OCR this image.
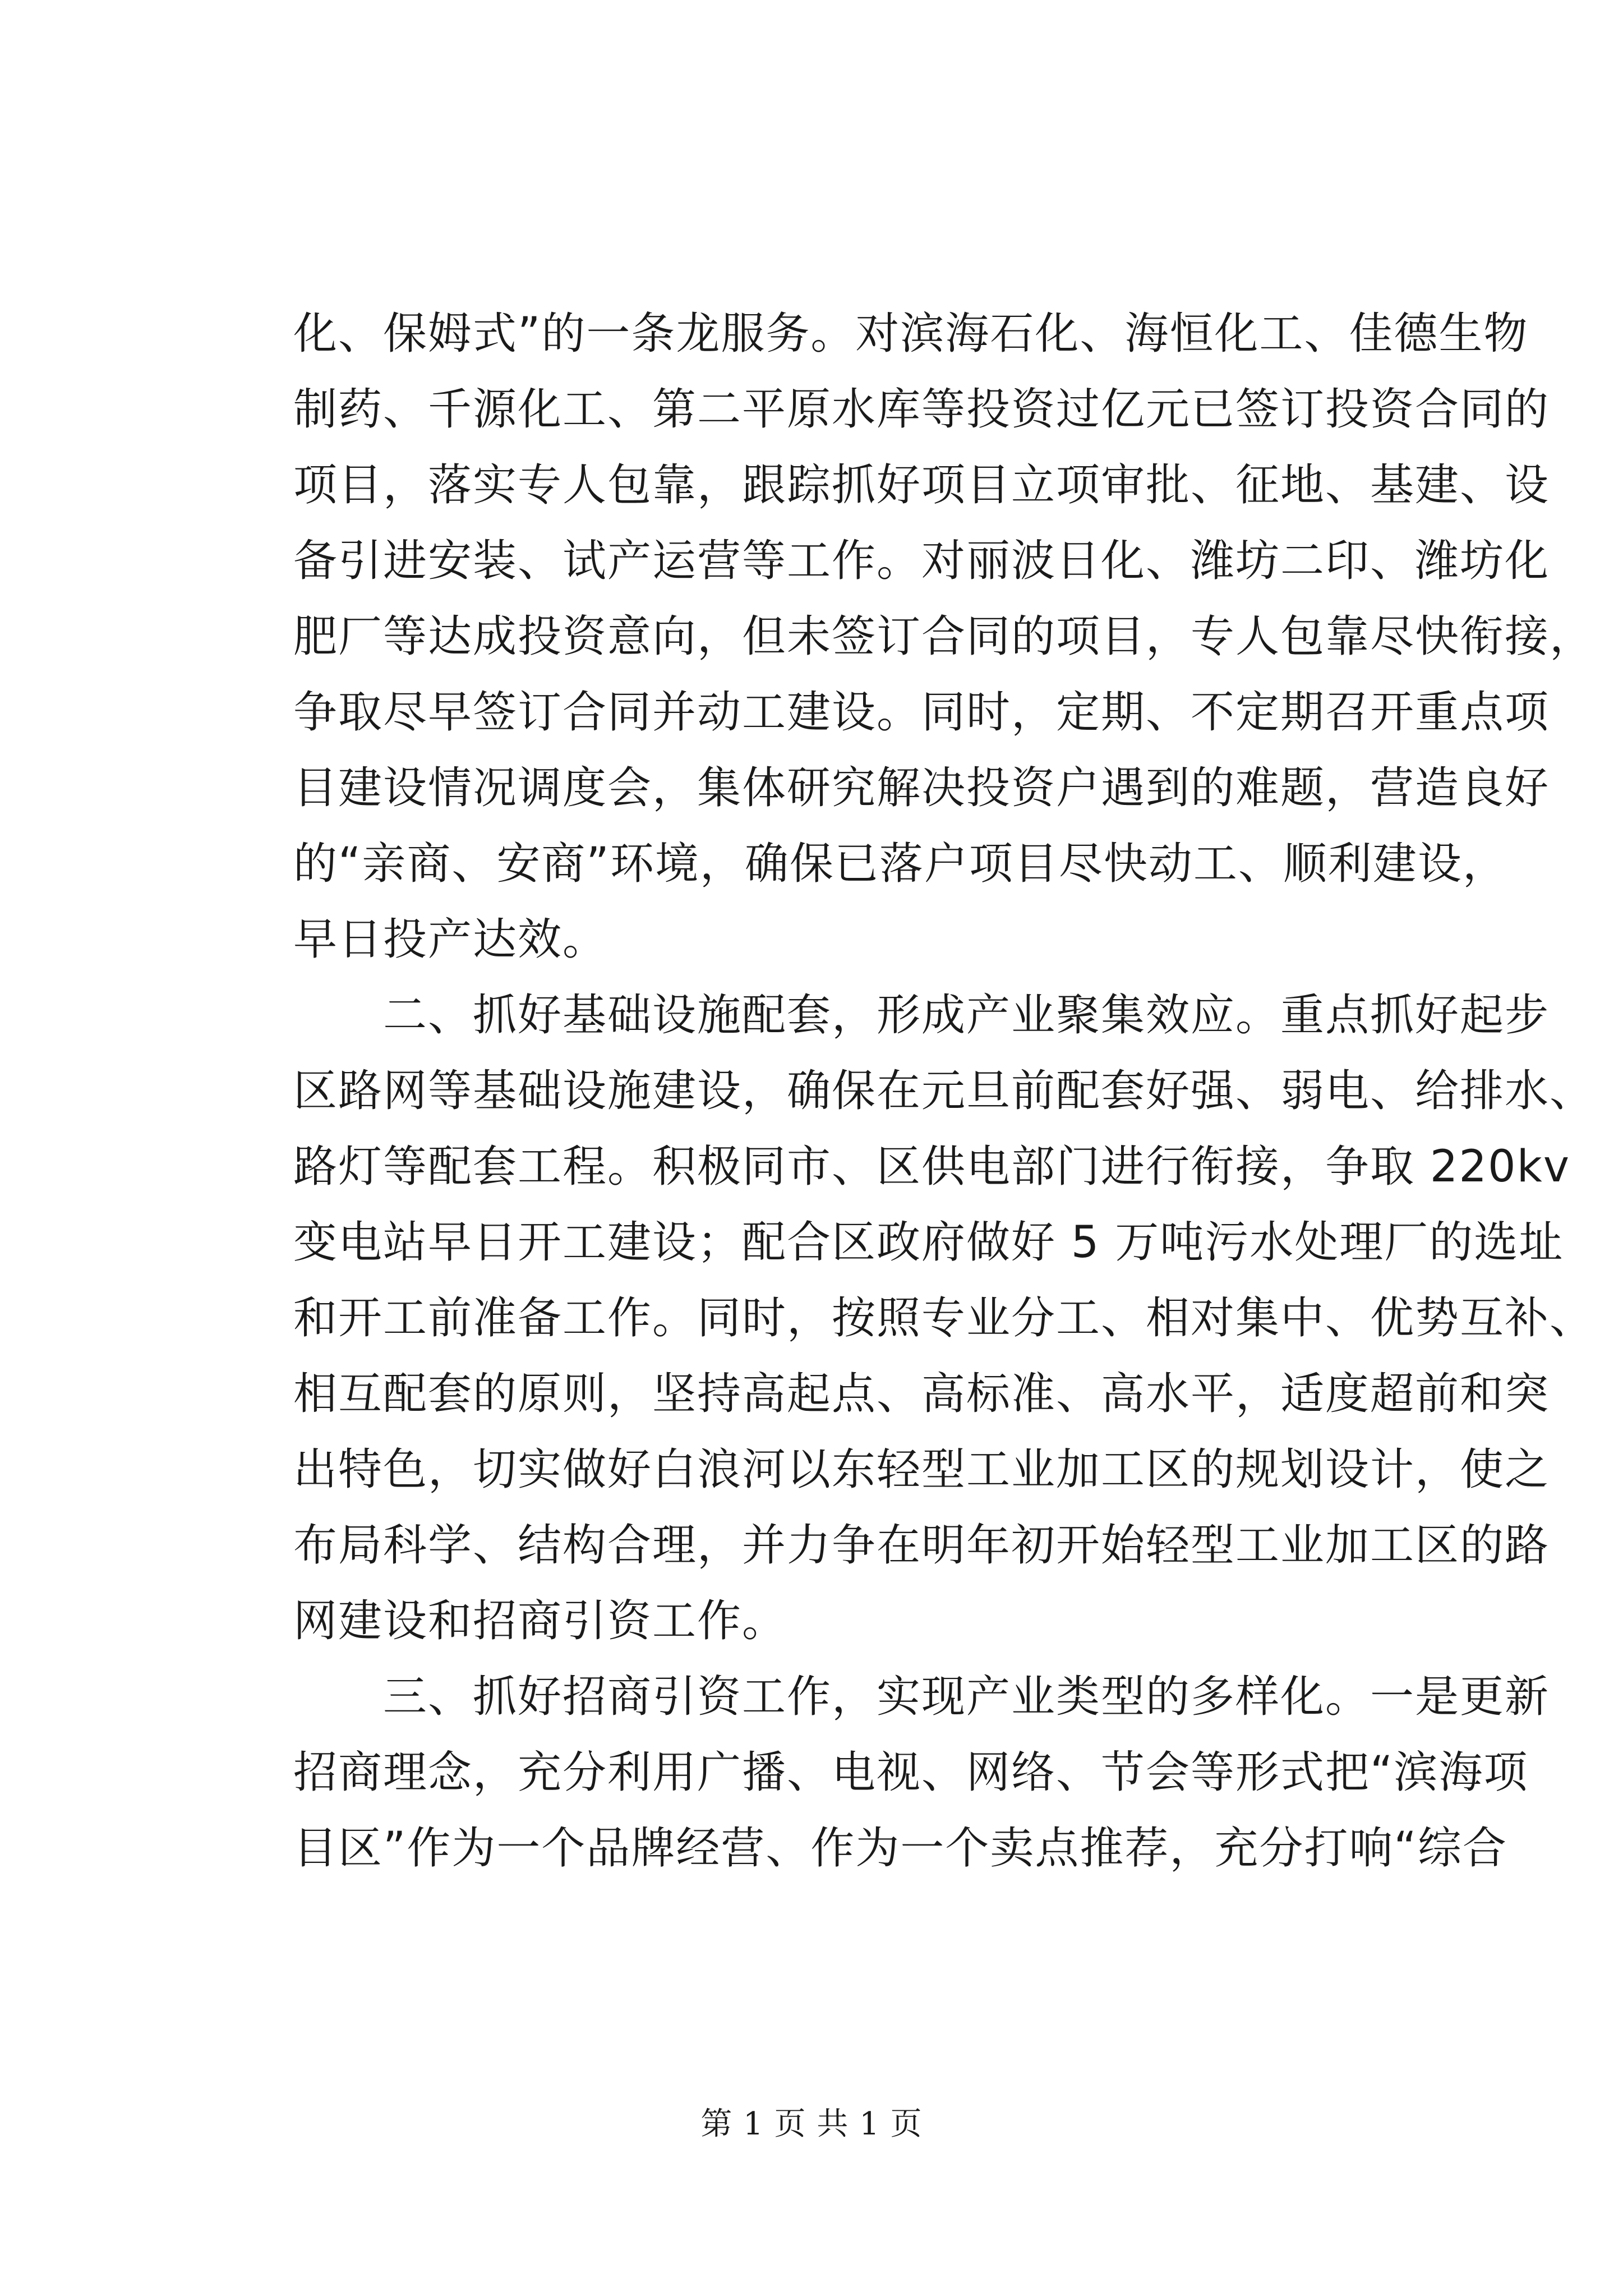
化、保姆式”的一条龙服务。对滨海石化、海恒化工、佳德生物
制药、千源化工、第二平原水库等投资过亿元已签订投资合同的
项目，落实专人包靠，跟踪抓好项目立项审批、征地、基建、设
备引进安装、试产运营等工作。对丽波日化、潍坊二印、潍坊化
肥厂等达成投资意向，但未签订合同的项目，专人包靠尽快衔接，
争取尽早签订合同并动工建设。同时，定期、不定期召开重点项
目建设情况调度会，集体研究解决投资户遇到的难题，营造良好
的“亲商、安商”环境，确保已落户项目尽快动工、顺利建设，
早日投产达效。
二、抓好基础设施配套，形成产业聚集效应。重点抓好起步
区路网等基础设施建设，确保在元旦前配套好强、弱电、给排水、
路灯等配套工程。积极同市、区供电部门进行衔接，争取 220kv
变电站早日开工建设；配合区政府做好 5 万吨污水处理厂的选址
和开工前准备工作。同时，按照专业分工、相对集中、优势互补、
相互配套的原则，坚持高起点、高标准、高水平，适度超前和突
出特色，切实做好白浪河以东轻型工业加工区的规划设计，使之
布局科学、结构合理，并力争在明年初开始轻型工业加工区的路
网建设和招商引资工作。
三、抓好招商引资工作，实现产业类型的多样化。一是更新
招商理念，充分利用广播、电视、网络、节会等形式把“滨海项
目区”作为一个品牌经营、作为一个卖点推荐，充分打响“综合
第 1 页 共 1 页
